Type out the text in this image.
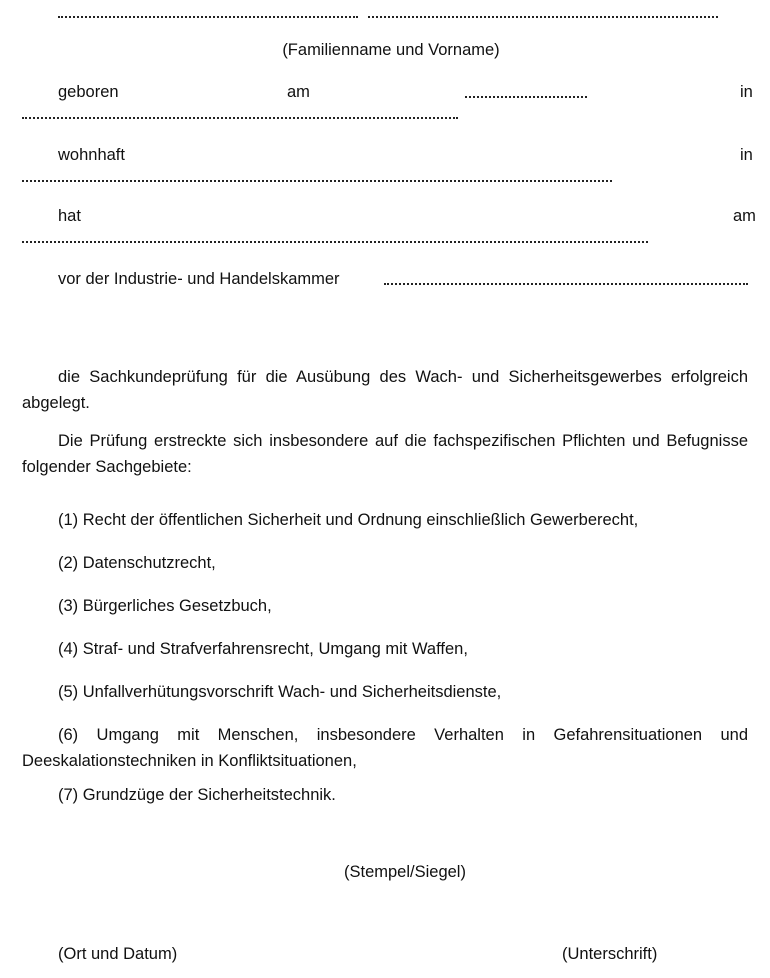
(Familienname und Vorname)
geboren	am	in
wohnhaft	in
hat	am
vor der Industrie- und Handelskammer
die Sachkundeprüfung für die Ausübung des Wach- und Sicherheitsgewerbes erfolgreich abgelegt.
Die Prüfung erstreckte sich insbesondere auf die fachspezifischen Pflichten und Befugnisse folgender Sachgebiete:
(1) Recht der öffentlichen Sicherheit und Ordnung einschließlich Gewerberecht,
(2) Datenschutzrecht,
(3) Bürgerliches Gesetzbuch,
(4) Straf- und Strafverfahrensrecht, Umgang mit Waffen,
(5) Unfallverhütungsvorschrift Wach- und Sicherheitsdienste,
(6) Umgang mit Menschen, insbesondere Verhalten in Gefahrensituationen und Deeskalationstechniken in Konfliktsituationen,
(7) Grundzüge der Sicherheitstechnik.
(Stempel/Siegel)
(Ort und Datum)	(Unterschrift)
